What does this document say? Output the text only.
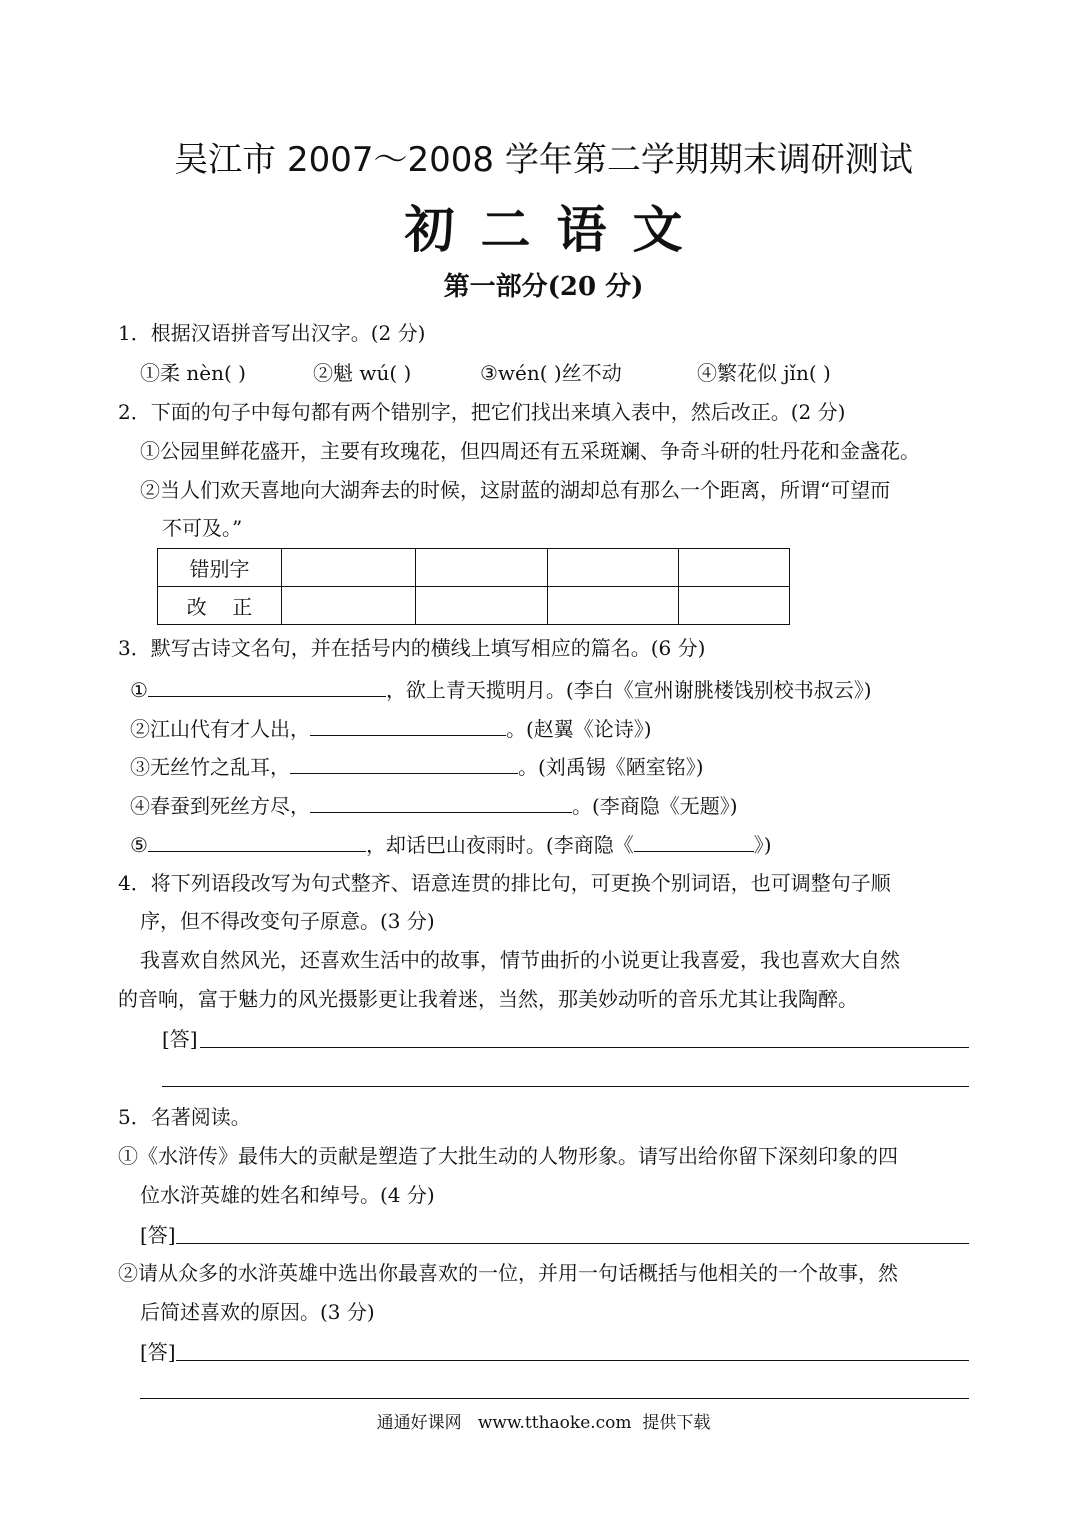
吴江市 2007～2008 学年第二学期期末调研测试
初二语文
第一部分(20 分)
1．根据汉语拼音写出汉字。(2 分)
①柔 nèn( )	②魁 wú( )	③wén( )丝不动	④繁花似 jǐn( )
2．下面的句子中每句都有两个错别字，把它们找出来填入表中，然后改正。(2 分)
①公园里鲜花盛开，主要有玫瑰花，但四周还有五采斑斓、争奇斗研的牡丹花和金盏花。
②当人们欢天喜地向大湖奔去的时候，这尉蓝的湖却总有那么一个距离，所谓“可望而
不可及。”
错别字				
改    正				
3．默写古诗文名句，并在括号内的横线上填写相应的篇名。(6 分)
①	，欲上青天揽明月。(李白《宣州谢朓楼饯别校书叔云》)
②江山代有才人出，	。(赵翼《论诗》)
③无丝竹之乱耳，	。(刘禹锡《陋室铭》)
④春蚕到死丝方尽，	。(李商隐《无题》)
⑤	，却话巴山夜雨时。(李商隐《	》)
4．将下列语段改写为句式整齐、语意连贯的排比句，可更换个别词语，也可调整句子顺
序，但不得改变句子原意。(3 分)
我喜欢自然风光，还喜欢生活中的故事，情节曲折的小说更让我喜爱，我也喜欢大自然
的音响，富于魅力的风光摄影更让我着迷，当然，那美妙动听的音乐尤其让我陶醉。
[答]
5．名著阅读。
①《水浒传》最伟大的贡献是塑造了大批生动的人物形象。请写出给你留下深刻印象的四
位水浒英雄的姓名和绰号。(4 分)
[答]
②请从众多的水浒英雄中选出你最喜欢的一位，并用一句话概括与他相关的一个故事，然
后简述喜欢的原因。(3 分)
[答]
通通好课网   www.tthaoke.com  提供下载
